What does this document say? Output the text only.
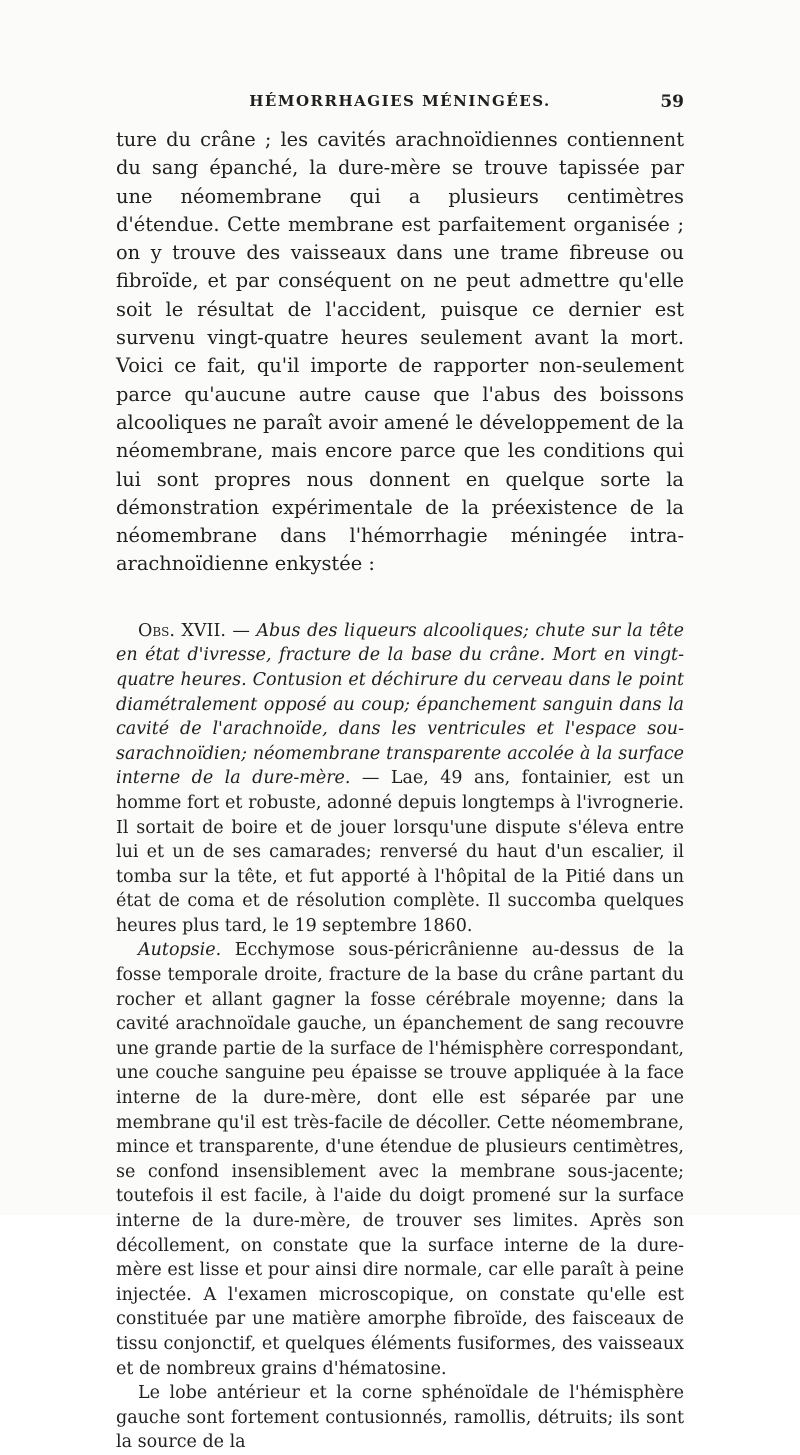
HÉMORRHAGIES MÉNINGÉES.	59

ture du crâne ; les cavités arachnoïdiennes contiennent du sang épanché, la dure-mère se trouve tapissée par une néomembrane qui a plusieurs centimètres d'étendue. Cette membrane est parfaitement organisée ; on y trouve des vaisseaux dans une trame fibreuse ou fibroïde, et par conséquent on ne peut admettre qu'elle soit le résultat de l'accident, puisque ce dernier est survenu vingt-quatre heures seulement avant la mort. Voici ce fait, qu'il importe de rapporter non-seulement parce qu'aucune autre cause que l'abus des boissons alcooliques ne paraît avoir amené le développement de la néomembrane, mais encore parce que les conditions qui lui sont propres nous donnent en quelque sorte la démonstration expérimentale de la préexistence de la néomembrane dans l'hémorrhagie méningée intra-arachnoïdienne enkystée :

Obs. XVII. — Abus des liqueurs alcooliques; chute sur la tête en état d'ivresse, fracture de la base du crâne. Mort en vingt-quatre heures. Contusion et déchirure du cerveau dans le point diamétralement opposé au coup; épanchement sanguin dans la cavité de l'arachnoïde, dans les ventricules et l'espace sou-sarachnoïdien; néomembrane transparente accolée à la surface interne de la dure-mère. — Lae, 49 ans, fontainier, est un homme fort et robuste, adonné depuis longtemps à l'ivrognerie. Il sortait de boire et de jouer lorsqu'une dispute s'éleva entre lui et un de ses camarades; renversé du haut d'un escalier, il tomba sur la tête, et fut apporté à l'hôpital de la Pitié dans un état de coma et de résolution complète. Il succomba quelques heures plus tard, le 19 septembre 1860.

Autopsie. Ecchymose sous-péricrânienne au-dessus de la fosse temporale droite, fracture de la base du crâne partant du rocher et allant gagner la fosse cérébrale moyenne; dans la cavité arachnoïdale gauche, un épanchement de sang recouvre une grande partie de la surface de l'hémisphère correspondant, une couche sanguine peu épaisse se trouve appliquée à la face interne de la dure-mère, dont elle est séparée par une membrane qu'il est très-facile de décoller. Cette néomembrane, mince et transparente, d'une étendue de plusieurs centimètres, se confond insensiblement avec la membrane sous-jacente; toutefois il est facile, à l'aide du doigt promené sur la surface interne de la dure-mère, de trouver ses limites. Après son décollement, on constate que la surface interne de la dure-mère est lisse et pour ainsi dire normale, car elle paraît à peine injectée. A l'examen microscopique, on constate qu'elle est constituée par une matière amorphe fibroïde, des faisceaux de tissu conjonctif, et quelques éléments fusiformes, des vaisseaux et de nombreux grains d'hématosine.

Le lobe antérieur et la corne sphénoïdale de l'hémisphère gauche sont fortement contusionnés, ramollis, détruits; ils sont la source de la
